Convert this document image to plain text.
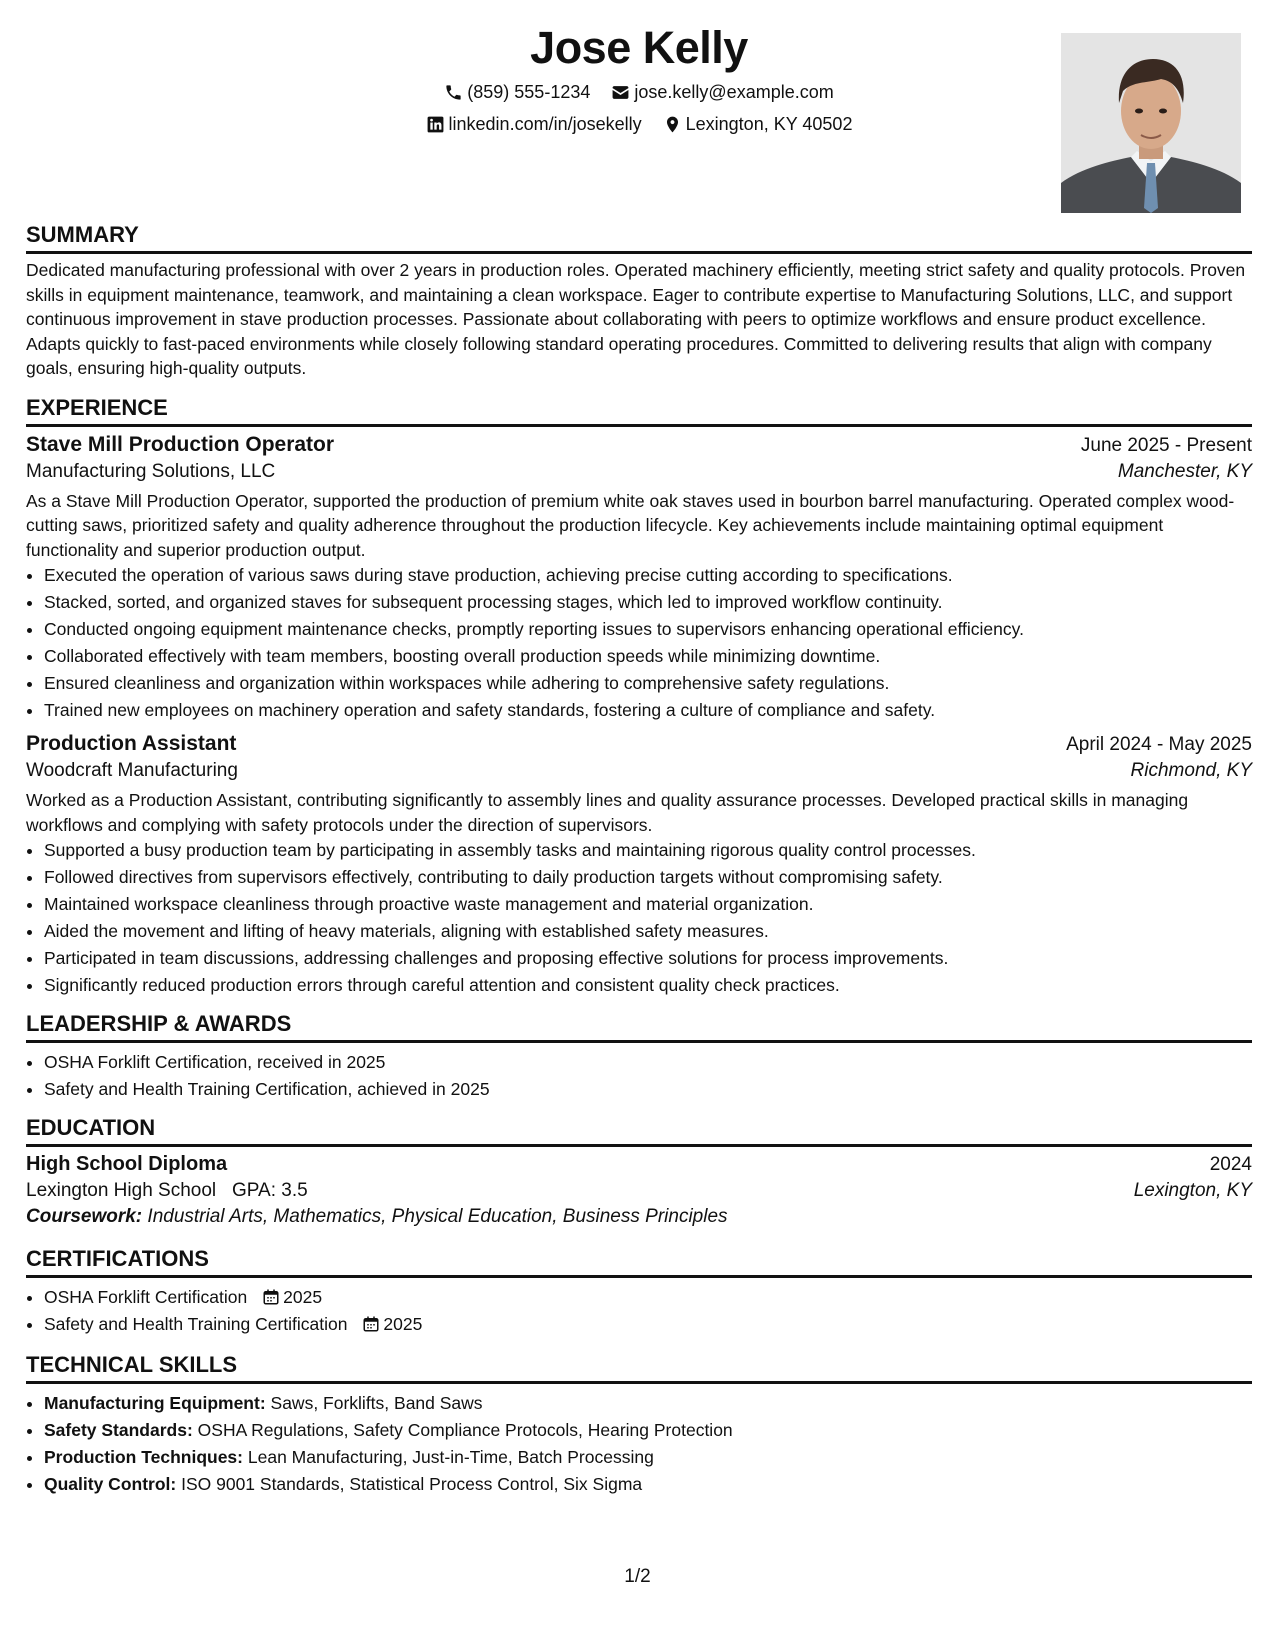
Jose Kelly
(859) 555-1234
jose.kelly@example.com
linkedin.com/in/josekelly
Lexington, KY 40502
SUMMARY

Dedicated manufacturing professional with over 2 years in production roles. Operated machinery efficiently, meeting strict safety and quality protocols. Proven skills in equipment maintenance, teamwork, and maintaining a clean workspace. Eager to contribute expertise to Manufacturing Solutions, LLC, and support continuous improvement in stave production processes. Passionate about collaborating with peers to optimize workflows and ensure product excellence. Adapts quickly to fast-paced environments while closely following standard operating procedures. Committed to delivering results that align with company goals, ensuring high-quality outputs.

EXPERIENCE
Stave Mill Production Operator	June 2025 - Present
Manufacturing Solutions, LLC	Manchester, KY

As a Stave Mill Production Operator, supported the production of premium white oak staves used in bourbon barrel manufacturing. Operated complex wood-cutting saws, prioritized safety and quality adherence throughout the production lifecycle. Key achievements include maintaining optimal equipment functionality and superior production output.

• Executed the operation of various saws during stave production, achieving precise cutting according to specifications.
• Stacked, sorted, and organized staves for subsequent processing stages, which led to improved workflow continuity.
• Conducted ongoing equipment maintenance checks, promptly reporting issues to supervisors enhancing operational efficiency.
• Collaborated effectively with team members, boosting overall production speeds while minimizing downtime.
• Ensured cleanliness and organization within workspaces while adhering to comprehensive safety regulations.
• Trained new employees on machinery operation and safety standards, fostering a culture of compliance and safety.
Production Assistant	April 2024 - May 2025
Woodcraft Manufacturing	Richmond, KY

Worked as a Production Assistant, contributing significantly to assembly lines and quality assurance processes. Developed practical skills in managing workflows and complying with safety protocols under the direction of supervisors.

• Supported a busy production team by participating in assembly tasks and maintaining rigorous quality control processes.
• Followed directives from supervisors effectively, contributing to daily production targets without compromising safety.
• Maintained workspace cleanliness through proactive waste management and material organization.
• Aided the movement and lifting of heavy materials, aligning with established safety measures.
• Participated in team discussions, addressing challenges and proposing effective solutions for process improvements.
• Significantly reduced production errors through careful attention and consistent quality check practices.
LEADERSHIP & AWARDS
• OSHA Forklift Certification, received in 2025
• Safety and Health Training Certification, achieved in 2025
EDUCATION
High School Diploma	2024
Lexington High School GPA: 3.5	Lexington, KY
Coursework: Industrial Arts, Mathematics, Physical Education, Business Principles
CERTIFICATIONS
• OSHA Forklift Certification 2025
• Safety and Health Training Certification 2025
TECHNICAL SKILLS
• Manufacturing Equipment: Saws, Forklifts, Band Saws
• Safety Standards: OSHA Regulations, Safety Compliance Protocols, Hearing Protection
• Production Techniques: Lean Manufacturing, Just-in-Time, Batch Processing
• Quality Control: ISO 9001 Standards, Statistical Process Control, Six Sigma
1/2
